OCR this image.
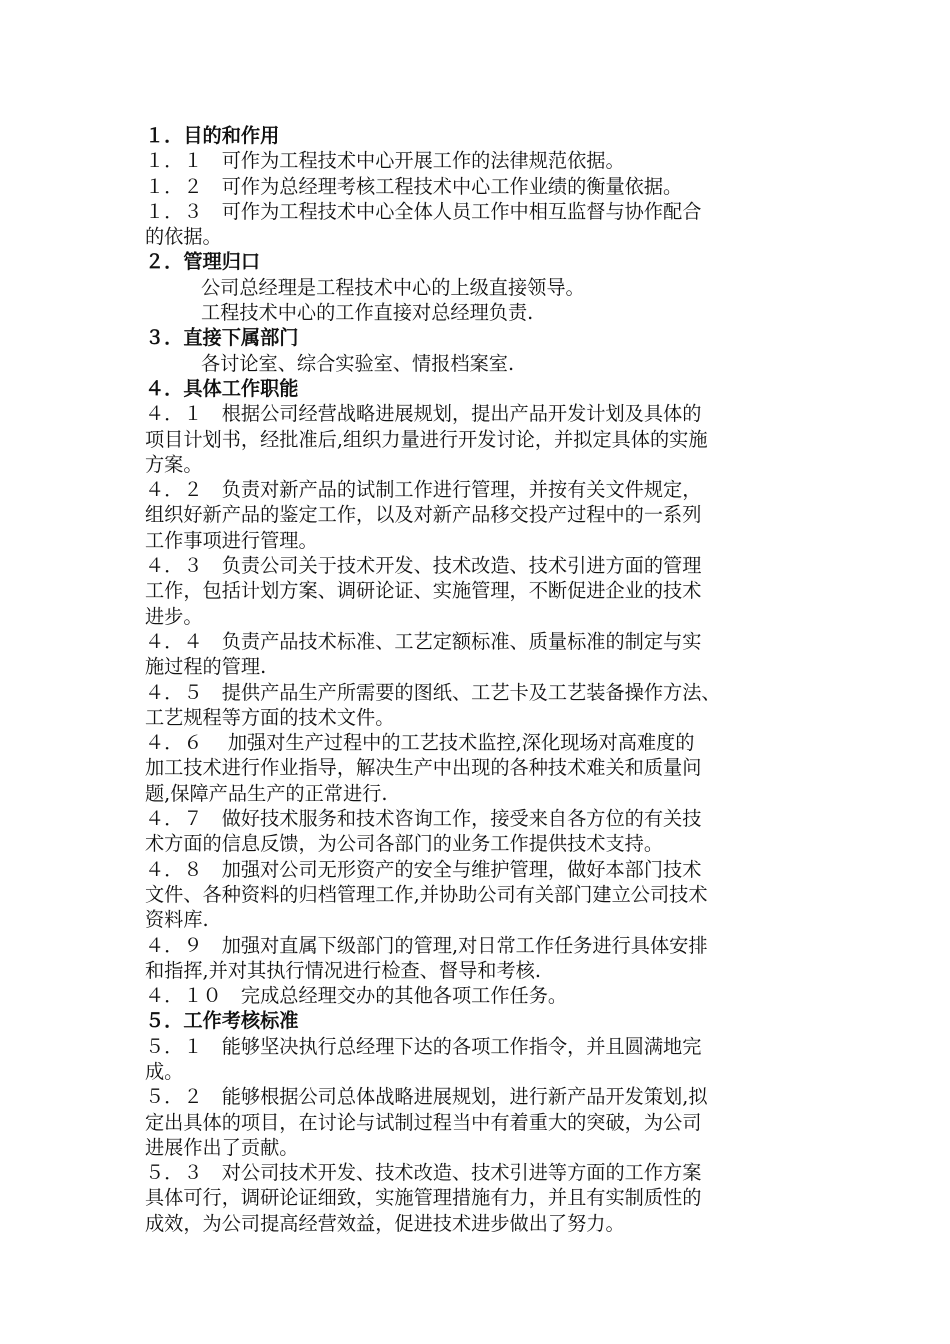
１．目的和作用

１．１　可作为工程技术中心开展工作的法律规范依据。

１．２　可作为总经理考核工程技术中心工作业绩的衡量依据。

１．３　可作为工程技术中心全体人员工作中相互监督与协作配合

的依据。

２．管理归口

公司总经理是工程技术中心的上级直接领导。

工程技术中心的工作直接对总经理负责.

３．直接下属部门

各讨论室、综合实验室、情报档案室.

４．具体工作职能

４．１　根据公司经营战略进展规划，提出产品开发计划及具体的

项目计划书，经批准后,组织力量进行开发讨论，并拟定具体的实施

方案。

４．２　负责对新产品的试制工作进行管理，并按有关文件规定，

组织好新产品的鉴定工作，以及对新产品移交投产过程中的一系列

工作事项进行管理。

４．３　负责公司关于技术开发、技术改造、技术引进方面的管理

工作，包括计划方案、调研论证、实施管理，不断促进企业的技术

进步。

４．４　负责产品技术标准、工艺定额标准、质量标准的制定与实

施过程的管理.

４．５　提供产品生产所需要的图纸、工艺卡及工艺装备操作方法、

工艺规程等方面的技术文件。

４．６　 加强对生产过程中的工艺技术监控,深化现场对高难度的

加工技术进行作业指导，解决生产中出现的各种技术难关和质量问

题,保障产品生产的正常进行.

４．７　做好技术服务和技术咨询工作，接受来自各方位的有关技

术方面的信息反馈，为公司各部门的业务工作提供技术支持。

４．８　加强对公司无形资产的安全与维护管理，做好本部门技术

文件、各种资料的归档管理工作,并协助公司有关部门建立公司技术

资料库.

４．９　加强对直属下级部门的管理,对日常工作任务进行具体安排

和指挥,并对其执行情况进行检查、督导和考核.

４．１０　完成总经理交办的其他各项工作任务。

５．工作考核标准

５．１　能够坚决执行总经理下达的各项工作指令，并且圆满地完

成。

５．２　能够根据公司总体战略进展规划，进行新产品开发策划,拟

定出具体的项目，在讨论与试制过程当中有着重大的突破，为公司

进展作出了贡献。

５．３　对公司技术开发、技术改造、技术引进等方面的工作方案

具体可行，调研论证细致，实施管理措施有力，并且有实制质性的

成效，为公司提高经营效益，促进技术进步做出了努力。
